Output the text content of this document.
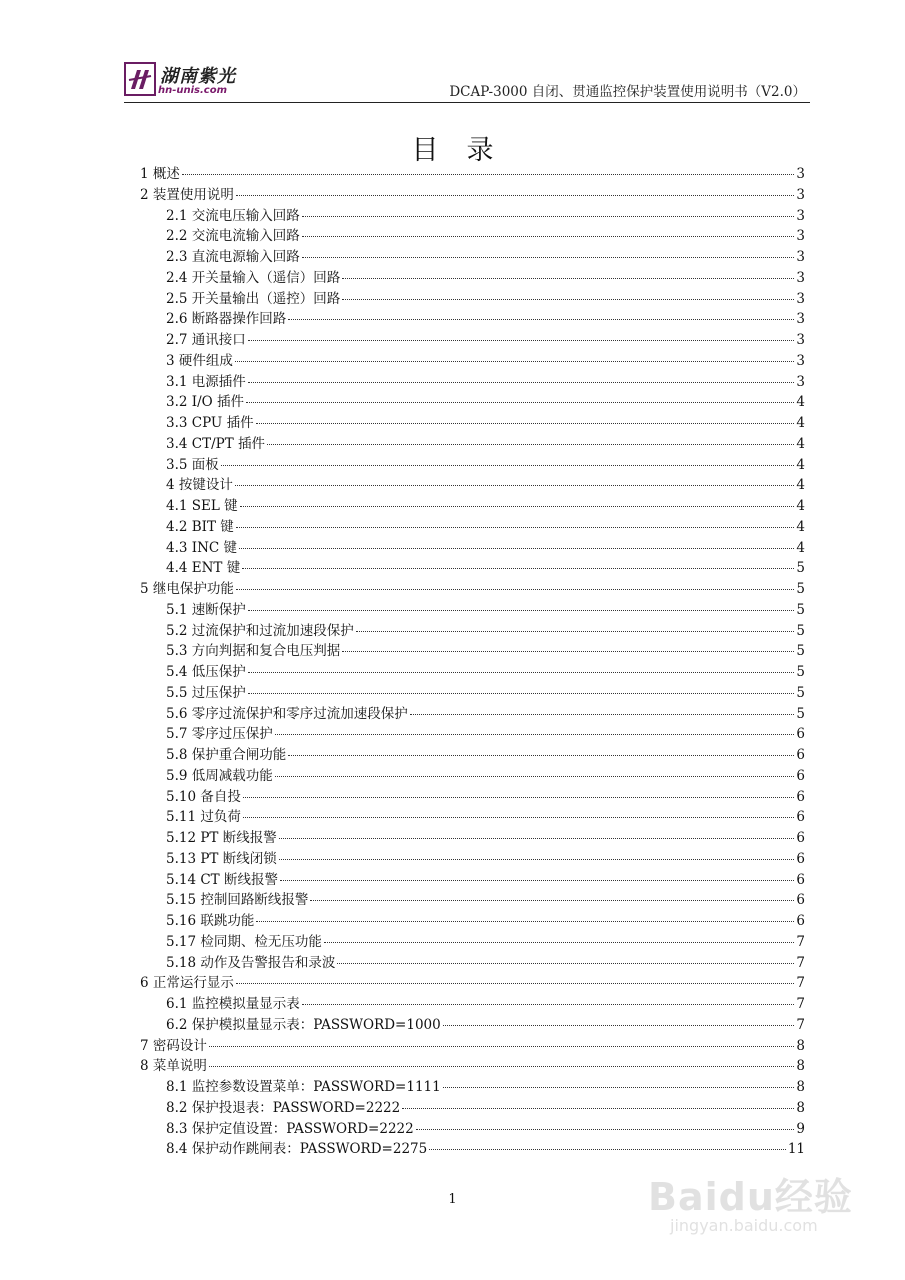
湖南紫光
hn-unis.com	DCAP-3000 自闭、贯通监控保护装置使用说明书（V2.0）
目录
1 概述	3
2 装置使用说明	3
2.1 交流电压输入回路	3
2.2 交流电流输入回路	3
2.3 直流电源输入回路	3
2.4 开关量输入（遥信）回路	3
2.5 开关量输出（遥控）回路	3
2.6 断路器操作回路	3
2.7 通讯接口	3
3 硬件组成	3
3.1 电源插件	3
3.2 I/O 插件	4
3.3 CPU 插件	4
3.4 CT/PT 插件	4
3.5 面板	4
4 按键设计	4
4.1 SEL 键	4
4.2 BIT 键	4
4.3 INC 键	4
4.4 ENT 键	5
5 继电保护功能	5
5.1 速断保护	5
5.2 过流保护和过流加速段保护	5
5.3 方向判据和复合电压判据	5
5.4 低压保护	5
5.5 过压保护	5
5.6 零序过流保护和零序过流加速段保护	5
5.7 零序过压保护	6
5.8 保护重合闸功能	6
5.9 低周减载功能	6
5.10 备自投	6
5.11 过负荷	6
5.12 PT 断线报警	6
5.13 PT 断线闭锁	6
5.14 CT 断线报警	6
5.15 控制回路断线报警	6
5.16 联跳功能	6
5.17 检同期、检无压功能	7
5.18 动作及告警报告和录波	7
6 正常运行显示	7
6.1 监控模拟量显示表	7
6.2 保护模拟量显示表：PASSWORD=1000	7
7 密码设计	8
8 菜单说明	8
8.1 监控参数设置菜单：PASSWORD=1111	8
8.2 保护投退表：PASSWORD=2222	8
8.3 保护定值设置：PASSWORD=2222	9
8.4 保护动作跳闸表：PASSWORD=2275	11
1	Baidu经验
jingyan.baidu.com
